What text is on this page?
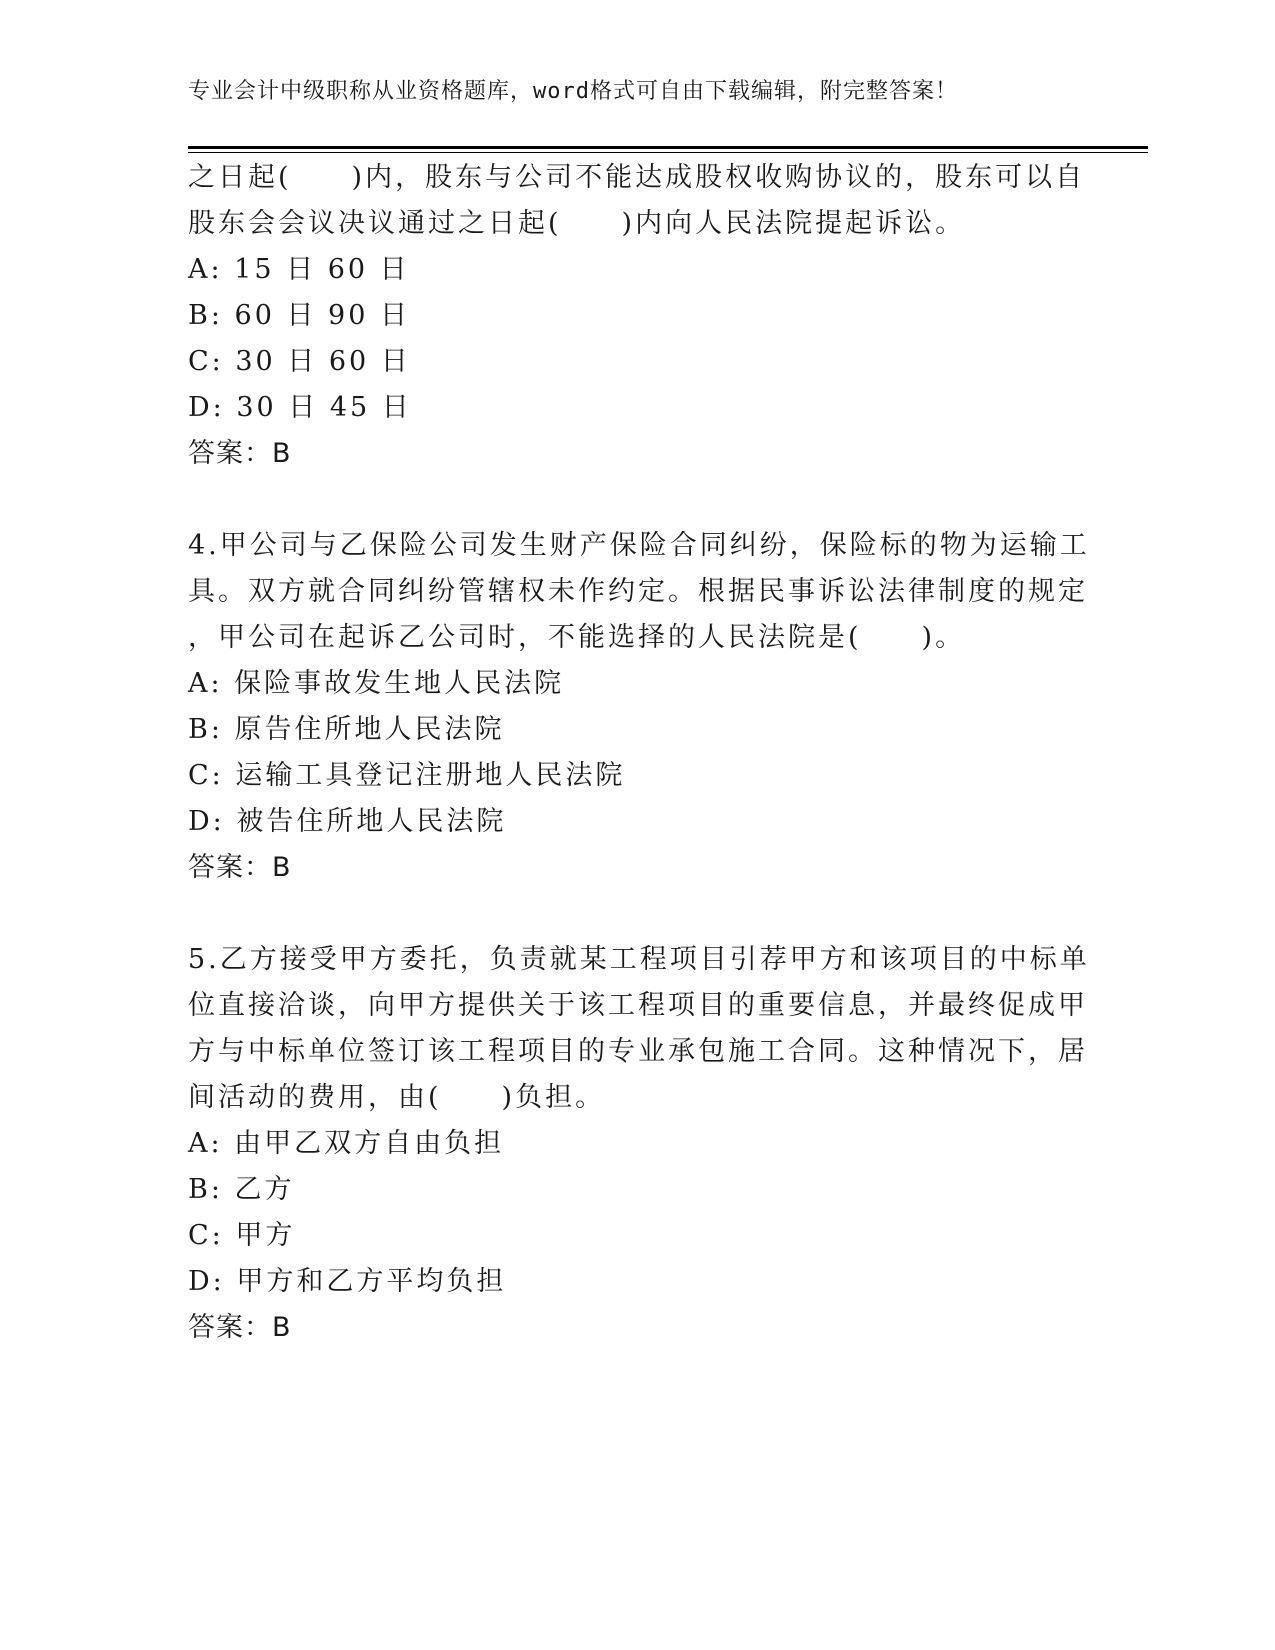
专业会计中级职称从业资格题库，word格式可自由下载编辑，附完整答案！
之日起(　　)内，股东与公司不能达成股权收购协议的，股东可以自
股东会会议决议通过之日起(　　)内向人民法院提起诉讼。
A: 15 日 60 日
B: 60 日 90 日
C: 30 日 60 日
D: 30 日 45 日
答案：B
4.甲公司与乙保险公司发生财产保险合同纠纷，保险标的物为运输工
具。双方就合同纠纷管辖权未作约定。根据民事诉讼法律制度的规定
，甲公司在起诉乙公司时，不能选择的人民法院是(　　)。
A: 保险事故发生地人民法院
B: 原告住所地人民法院
C: 运输工具登记注册地人民法院
D: 被告住所地人民法院
答案：B
5.乙方接受甲方委托，负责就某工程项目引荐甲方和该项目的中标单
位直接洽谈，向甲方提供关于该工程项目的重要信息，并最终促成甲
方与中标单位签订该工程项目的专业承包施工合同。这种情况下，居
间活动的费用，由(　　)负担。
A: 由甲乙双方自由负担
B: 乙方
C: 甲方
D: 甲方和乙方平均负担
答案：B
